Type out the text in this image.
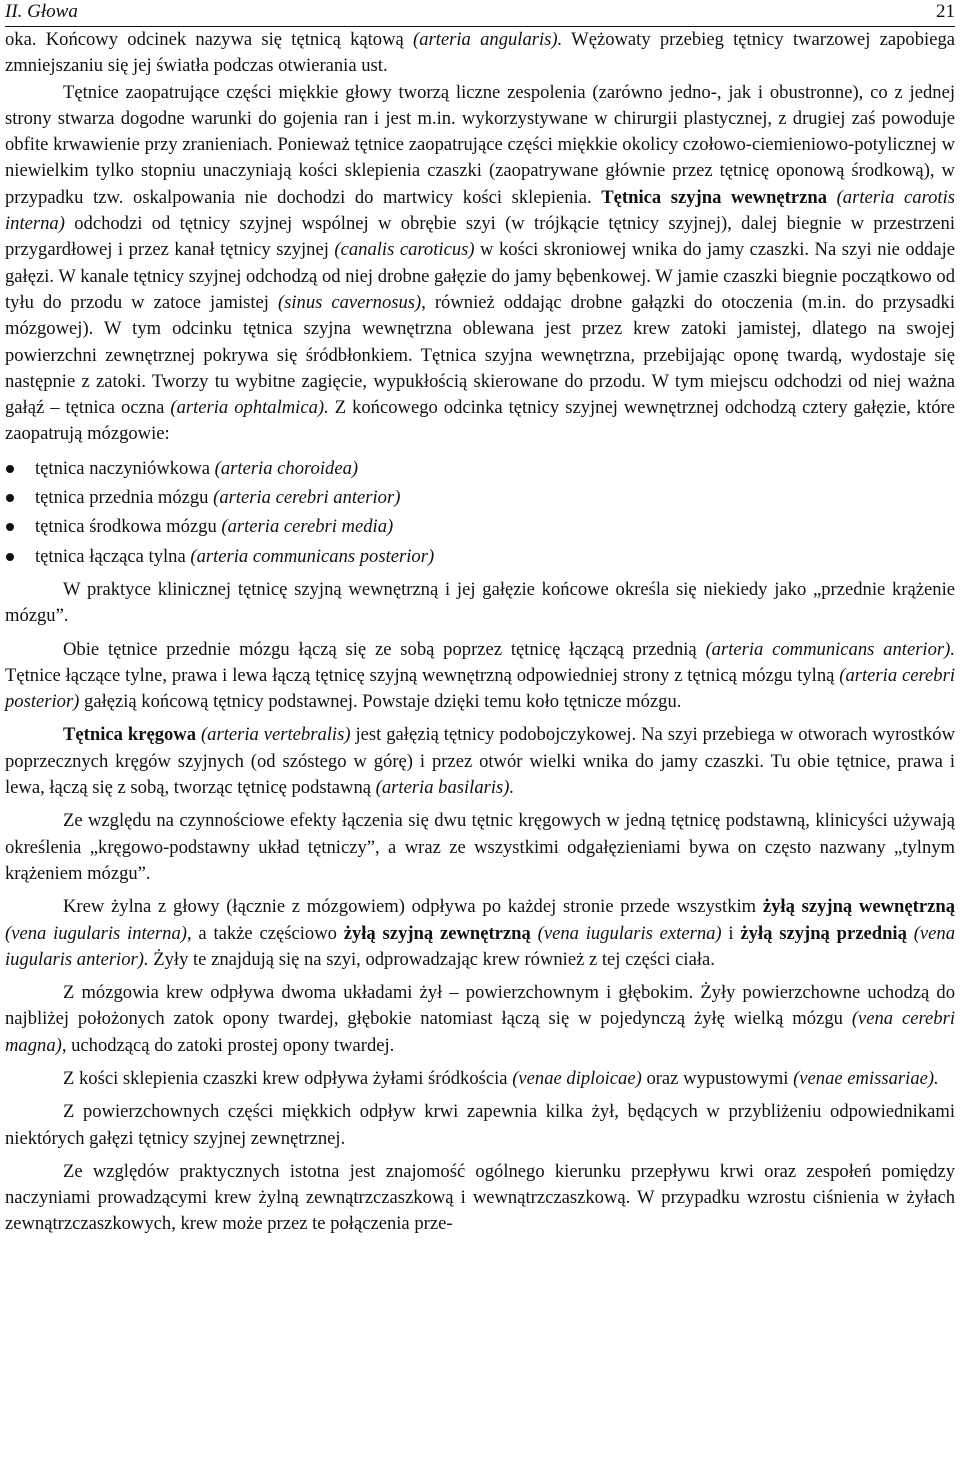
II. Głowa	21

oka. Końcowy odcinek nazywa się tętnicą kątową (arteria angularis). Wężowaty przebieg tętnicy twarzowej zapobiega zmniejszaniu się jej światła podczas otwierania ust.

Tętnice zaopatrujące części miękkie głowy tworzą liczne zespolenia (zarówno jedno-, jak i obustronne), co z jednej strony stwarza dogodne warunki do gojenia ran i jest m.in. wykorzystywane w chirurgii plastycznej, z drugiej zaś powoduje obfite krwawienie przy zranieniach. Ponieważ tętnice zaopatrujące części miękkie okolicy czołowo-ciemieniowo-potylicznej w niewielkim tylko stopniu unaczyniają kości sklepienia czaszki (zaopatrywane głównie przez tętnicę oponową środkową), w przypadku tzw. oskalpowania nie dochodzi do martwicy kości sklepienia. Tętnica szyjna wewnętrzna (arteria carotis interna) odchodzi od tętnicy szyjnej wspólnej w obrębie szyi (w trójkącie tętnicy szyjnej), dalej biegnie w przestrzeni przygardłowej i przez kanał tętnicy szyjnej (canalis caroticus) w kości skroniowej wnika do jamy czaszki. Na szyi nie oddaje gałęzi. W kanale tętnicy szyjnej odchodzą od niej drobne gałęzie do jamy bębenkowej. W jamie czaszki biegnie początkowo od tyłu do przodu w zatoce jamistej (sinus cavernosus), również oddając drobne gałązki do otoczenia (m.in. do przysadki mózgowej). W tym odcinku tętnica szyjna wewnętrzna oblewana jest przez krew zatoki jamistej, dlatego na swojej powierzchni zewnętrznej pokrywa się śródbłonkiem. Tętnica szyjna wewnętrzna, przebijając oponę twardą, wydostaje się następnie z zatoki. Tworzy tu wybitne zagięcie, wypukłością skierowane do przodu. W tym miejscu odchodzi od niej ważna gałąź – tętnica oczna (arteria ophtalmica). Z końcowego odcinka tętnicy szyjnej wewnętrznej odchodzą cztery gałęzie, które zaopatrują mózgowie:

tętnica naczyniówkowa (arteria choroidea)
tętnica przednia mózgu (arteria cerebri anterior)
tętnica środkowa mózgu (arteria cerebri media)
tętnica łącząca tylna (arteria communicans posterior)

W praktyce klinicznej tętnicę szyjną wewnętrzną i jej gałęzie końcowe określa się niekiedy jako „przednie krążenie mózgu”.

Obie tętnice przednie mózgu łączą się ze sobą poprzez tętnicę łączącą przednią (arteria communicans anterior). Tętnice łączące tylne, prawa i lewa łączą tętnicę szyjną wewnętrzną odpowiedniej strony z tętnicą mózgu tylną (arteria cerebri posterior) gałęzią końcową tętnicy podstawnej. Powstaje dzięki temu koło tętnicze mózgu.

Tętnica kręgowa (arteria vertebralis) jest gałęzią tętnicy podobojczykowej. Na szyi przebiega w otworach wyrostków poprzecznych kręgów szyjnych (od szóstego w górę) i przez otwór wielki wnika do jamy czaszki. Tu obie tętnice, prawa i lewa, łączą się z sobą, tworząc tętnicę podstawną (arteria basilaris).

Ze względu na czynnościowe efekty łączenia się dwu tętnic kręgowych w jedną tętnicę podstawną, klinicyści używają określenia „kręgowo-podstawny układ tętniczy”, a wraz ze wszystkimi odgałęzieniami bywa on często nazwany „tylnym krążeniem mózgu”.

Krew żylna z głowy (łącznie z mózgowiem) odpływa po każdej stronie przede wszystkim żyłą szyjną wewnętrzną (vena iugularis interna), a także częściowo żyłą szyjną zewnętrzną (vena iugularis externa) i żyłą szyjną przednią (vena iugularis anterior). Żyły te znajdują się na szyi, odprowadzając krew również z tej części ciała.

Z mózgowia krew odpływa dwoma układami żył – powierzchownym i głębokim. Żyły powierzchowne uchodzą do najbliżej położonych zatok opony twardej, głębokie natomiast łączą się w pojedynczą żyłę wielką mózgu (vena cerebri magna), uchodzącą do zatoki prostej opony twardej.

Z kości sklepienia czaszki krew odpływa żyłami śródkościa (venae diploicae) oraz wypustowymi (venae emissariae).

Z powierzchownych części miękkich odpływ krwi zapewnia kilka żył, będących w przybliżeniu odpowiednikami niektórych gałęzi tętnicy szyjnej zewnętrznej.

Ze względów praktycznych istotna jest znajomość ogólnego kierunku przepływu krwi oraz zespołeń pomiędzy naczyniami prowadzącymi krew żylną zewnątrzczaszkową i wewnątrzczaszkową. W przypadku wzrostu ciśnienia w żyłach zewnątrzczaszkowych, krew może przez te połączenia prze-
